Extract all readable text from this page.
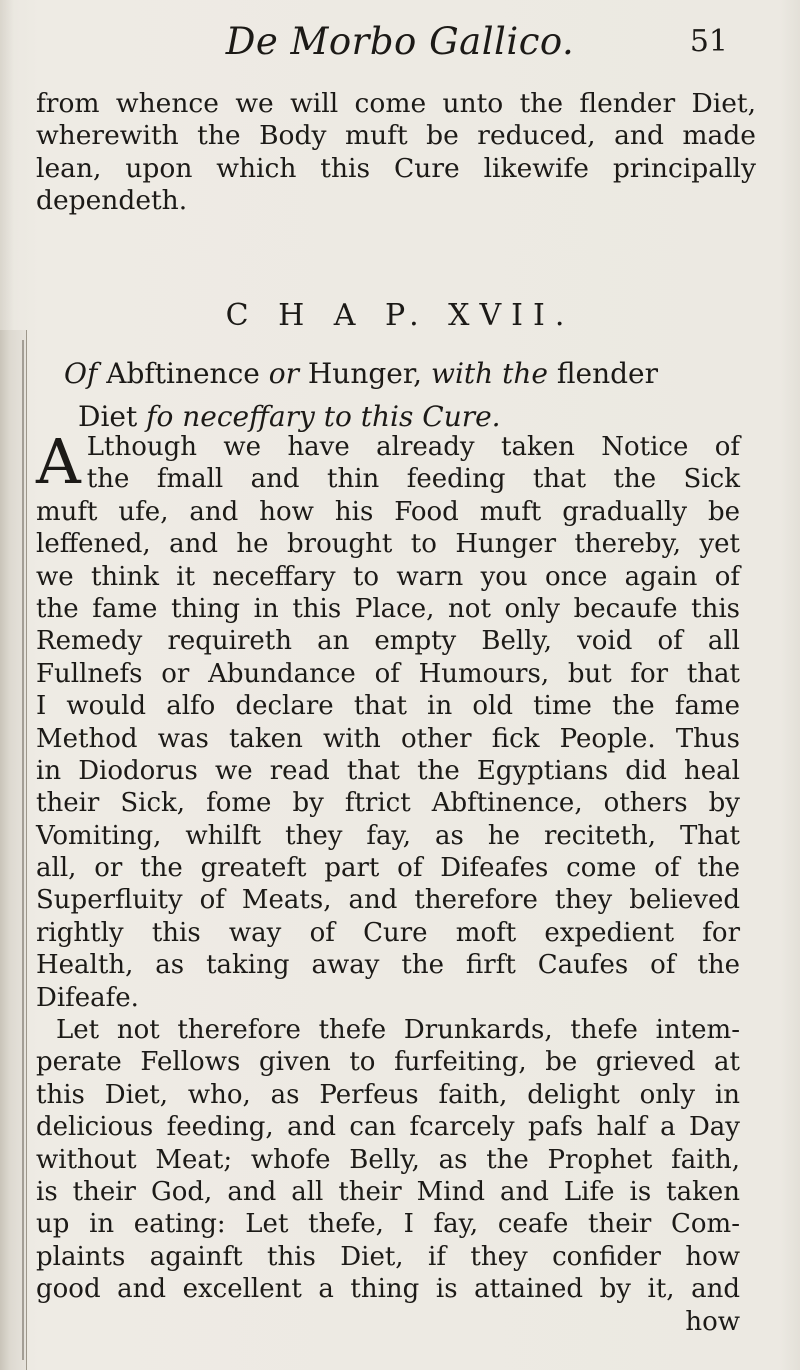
De Morbo Gallico.	51
from whence we will come unto the flender Diet,
wherewith the Body muft be reduced, and made
lean, upon which this Cure likewife principally
dependeth.
C H A P. XVII.
Of Abftinence or Hunger, with the flender
Diet fo neceffary to this Cure.
A Lthough we have already taken Notice of
the fmall and thin feeding that the Sick
muft ufe, and how his Food muft gradually be
leffened, and he brought to Hunger thereby, yet
we think it neceffary to warn you once again of
the fame thing in this Place, not only becaufe this
Remedy requireth an empty Belly, void of all
Fullnefs or Abundance of Humours, but for that
I would alfo declare that in old time the fame
Method was taken with other fick People. Thus
in Diodorus we read that the Egyptians did heal
their Sick, fome by ftrict Abftinence, others by
Vomiting, whilft they fay, as he reciteth, That
all, or the greateft part of Difeafes come of the
Superfluity of Meats, and therefore they believed
rightly this way of Cure moft expedient for
Health, as taking away the firft Caufes of the
Difeafe.
Let not therefore thefe Drunkards, thefe intem-
perate Fellows given to furfeiting, be grieved at
this Diet, who, as Perfeus faith, delight only in
delicious feeding, and can fcarcely pafs half a Day
without Meat; whofe Belly, as the Prophet faith,
is their God, and all their Mind and Life is taken
up in eating: Let thefe, I fay, ceafe their Com-
plaints againft this Diet, if they confider how
good and excellent a thing is attained by it, and
how
